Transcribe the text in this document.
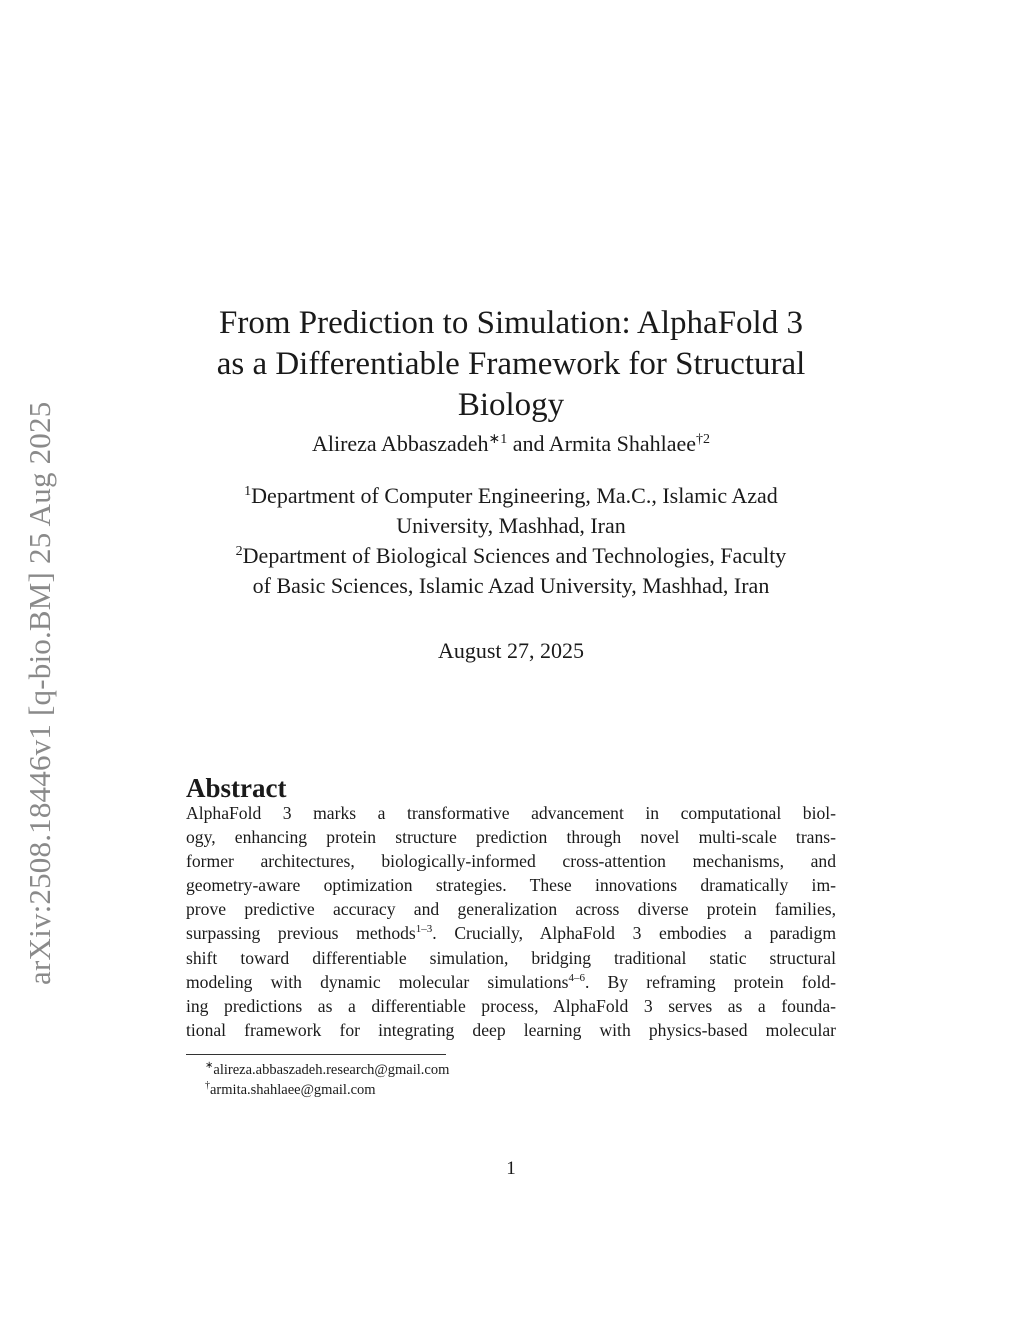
arXiv:2508.18446v1 [q-bio.BM] 25 Aug 2025
From Prediction to Simulation: AlphaFold 3
as a Differentiable Framework for Structural
Biology
Alireza Abbaszadeh$^{∗1}$ and Armita Shahlaee$^{\dagger 2}$
$^1$Department of Computer Engineering, Ma.C., Islamic Azad
University, Mashhad, Iran
$^2$Department of Biological Sciences and Technologies, Faculty
of Basic Sciences, Islamic Azad University, Mashhad, Iran
August 27, 2025
Abstract
AlphaFold 3 marks a transformative advancement in computational biol-
ogy, enhancing protein structure prediction through novel multi-scale trans-
former architectures, biologically-informed cross-attention mechanisms, and
geometry-aware optimization strategies. These innovations dramatically im-
prove predictive accuracy and generalization across diverse protein families,
surpassing previous methods$^{1-3}$. Crucially, AlphaFold 3 embodies a paradigm
shift toward differentiable simulation, bridging traditional static structural
modeling with dynamic molecular simulations$^{4-6}$. By reframing protein fold-
ing predictions as a differentiable process, AlphaFold 3 serves as a founda-
tional framework for integrating deep learning with physics-based molecular
∗alireza.abbaszadeh.research@gmail.com
†armita.shahlaee@gmail.com
1
